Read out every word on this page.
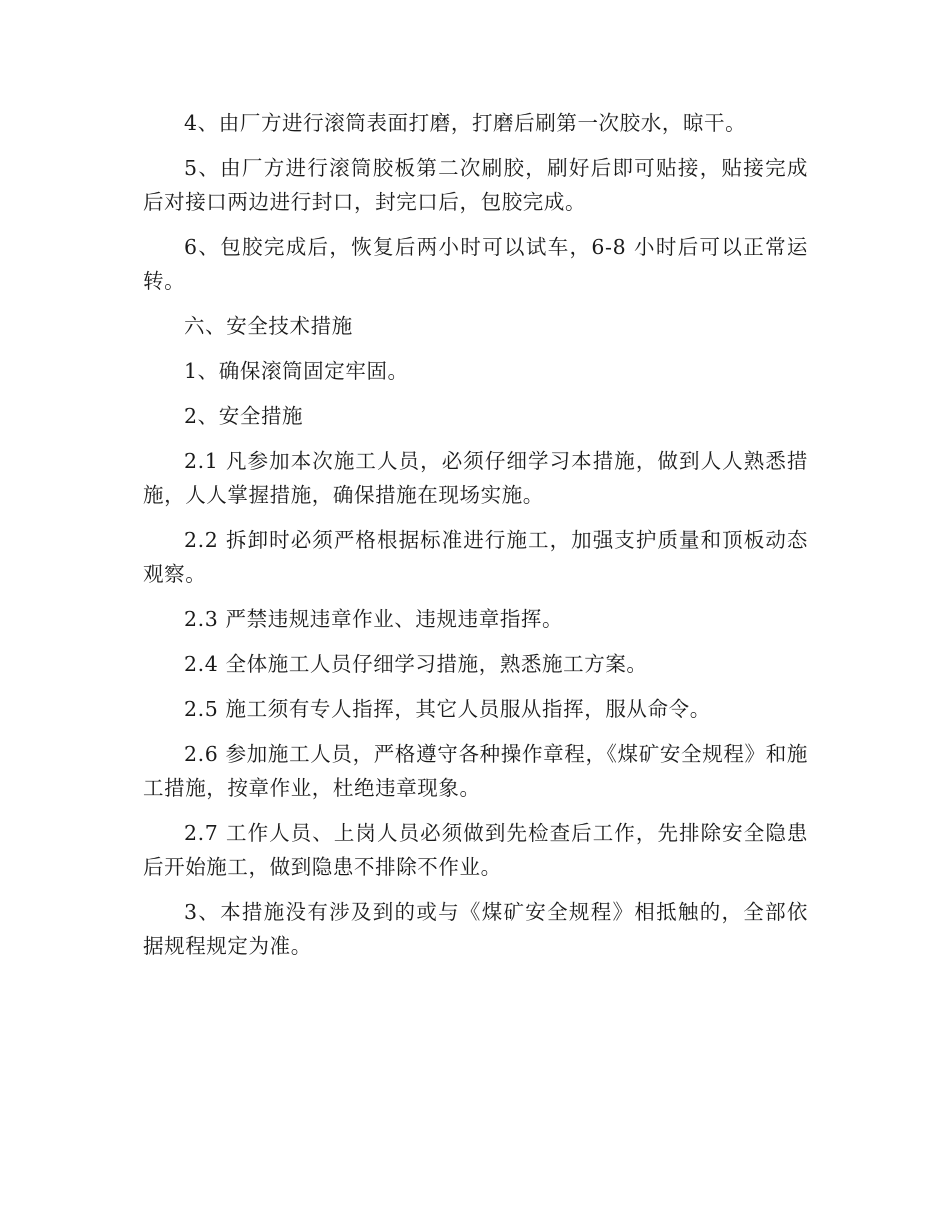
4、由厂方进行滚筒表面打磨，打磨后刷第一次胶水，晾干。

5、由厂方进行滚筒胶板第二次刷胶，刷好后即可贴接，贴接完成后对接口两边进行封口，封完口后，包胶完成。

6、包胶完成后，恢复后两小时可以试车，6-8 小时后可以正常运转。

六、安全技术措施

1、确保滚筒固定牢固。

2、安全措施

2.1 凡参加本次施工人员，必须仔细学习本措施，做到人人熟悉措施，人人掌握措施，确保措施在现场实施。

2.2 拆卸时必须严格根据标准进行施工，加强支护质量和顶板动态观察。

2.3 严禁违规违章作业、违规违章指挥。

2.4 全体施工人员仔细学习措施，熟悉施工方案。

2.5 施工须有专人指挥，其它人员服从指挥，服从命令。

2.6 参加施工人员，严格遵守各种操作章程，《煤矿安全规程》和施工措施，按章作业，杜绝违章现象。

2.7 工作人员、上岗人员必须做到先检查后工作，先排除安全隐患后开始施工，做到隐患不排除不作业。

3、本措施没有涉及到的或与《煤矿安全规程》相抵触的，全部依据规程规定为准。
